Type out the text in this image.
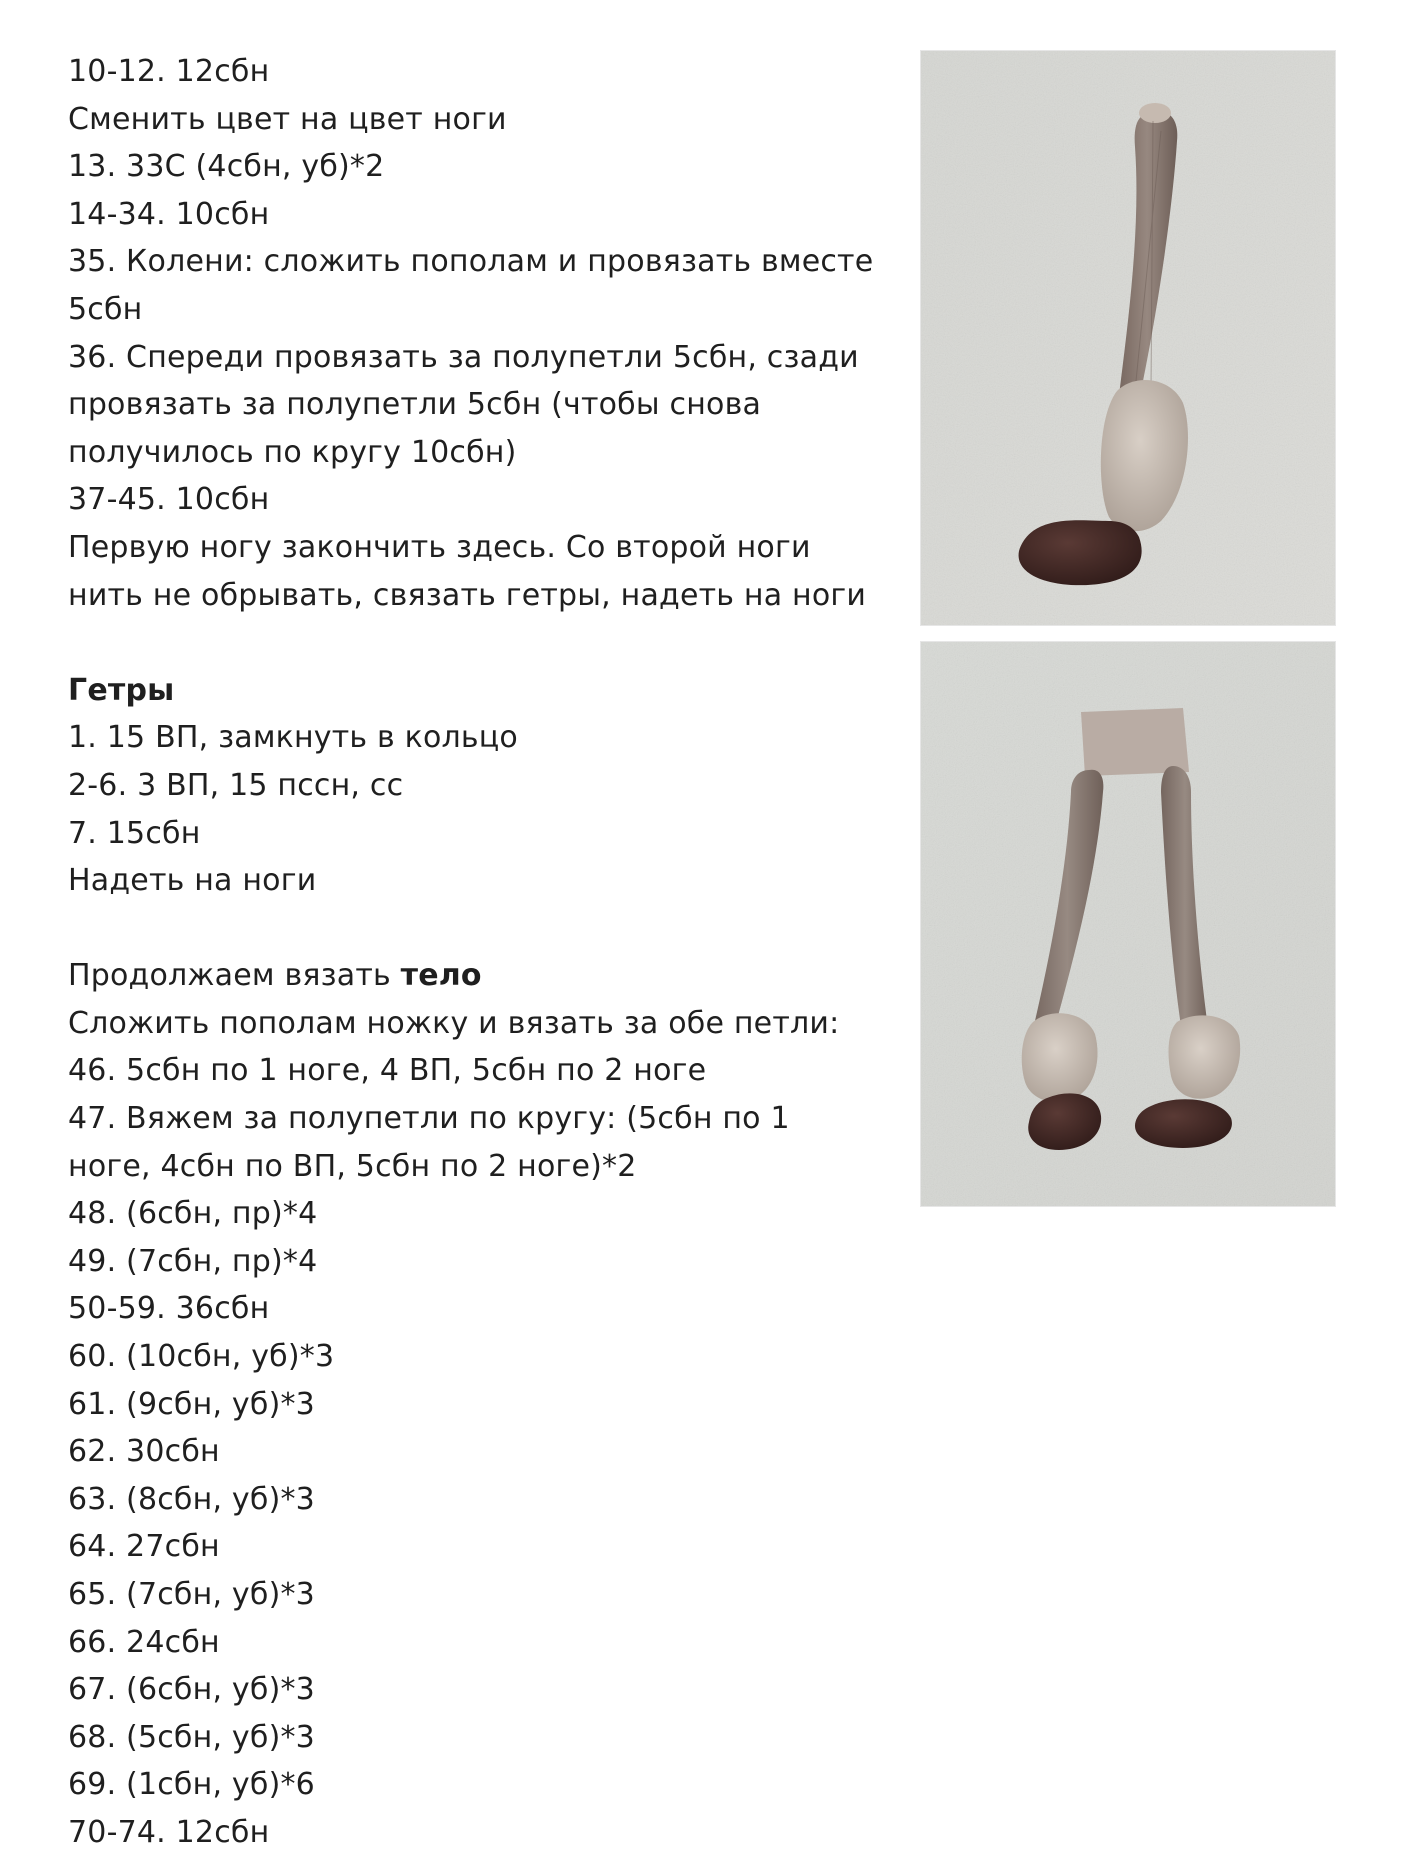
10-12. 12сбн
Сменить цвет на цвет ноги
13. 33С (4сбн, уб)*2
14-34. 10сбн
35. Колени: сложить пополам и провязать вместе
5сбн
36. Спереди провязать за полупетли 5сбн, сзади
провязать за полупетли 5сбн (чтобы снова
получилось по кругу 10сбн)
37-45. 10сбн
Первую ногу закончить здесь. Со второй ноги
нить не обрывать, связать гетры, надеть на ноги
Гетры
1. 15 ВП, замкнуть в кольцо
2-6. 3 ВП, 15 пссн, сс
7. 15сбн
Надеть на ноги
Продолжаем вязать тело
Сложить пополам ножку и вязать за обе петли:
46. 5сбн по 1 ноге, 4 ВП, 5сбн по 2 ноге
47. Вяжем за полупетли по кругу: (5сбн по 1
ноге, 4сбн по ВП, 5сбн по 2 ноге)*2
48. (6сбн, пр)*4
49. (7сбн, пр)*4
50-59. 36сбн
60. (10сбн, уб)*3
61. (9сбн, уб)*3
62. 30сбн
63. (8сбн, уб)*3
64. 27сбн
65. (7сбн, уб)*3
66. 24сбн
67. (6сбн, уб)*3
68. (5сбн, уб)*3
69. (1сбн, уб)*6
70-74. 12сбн
